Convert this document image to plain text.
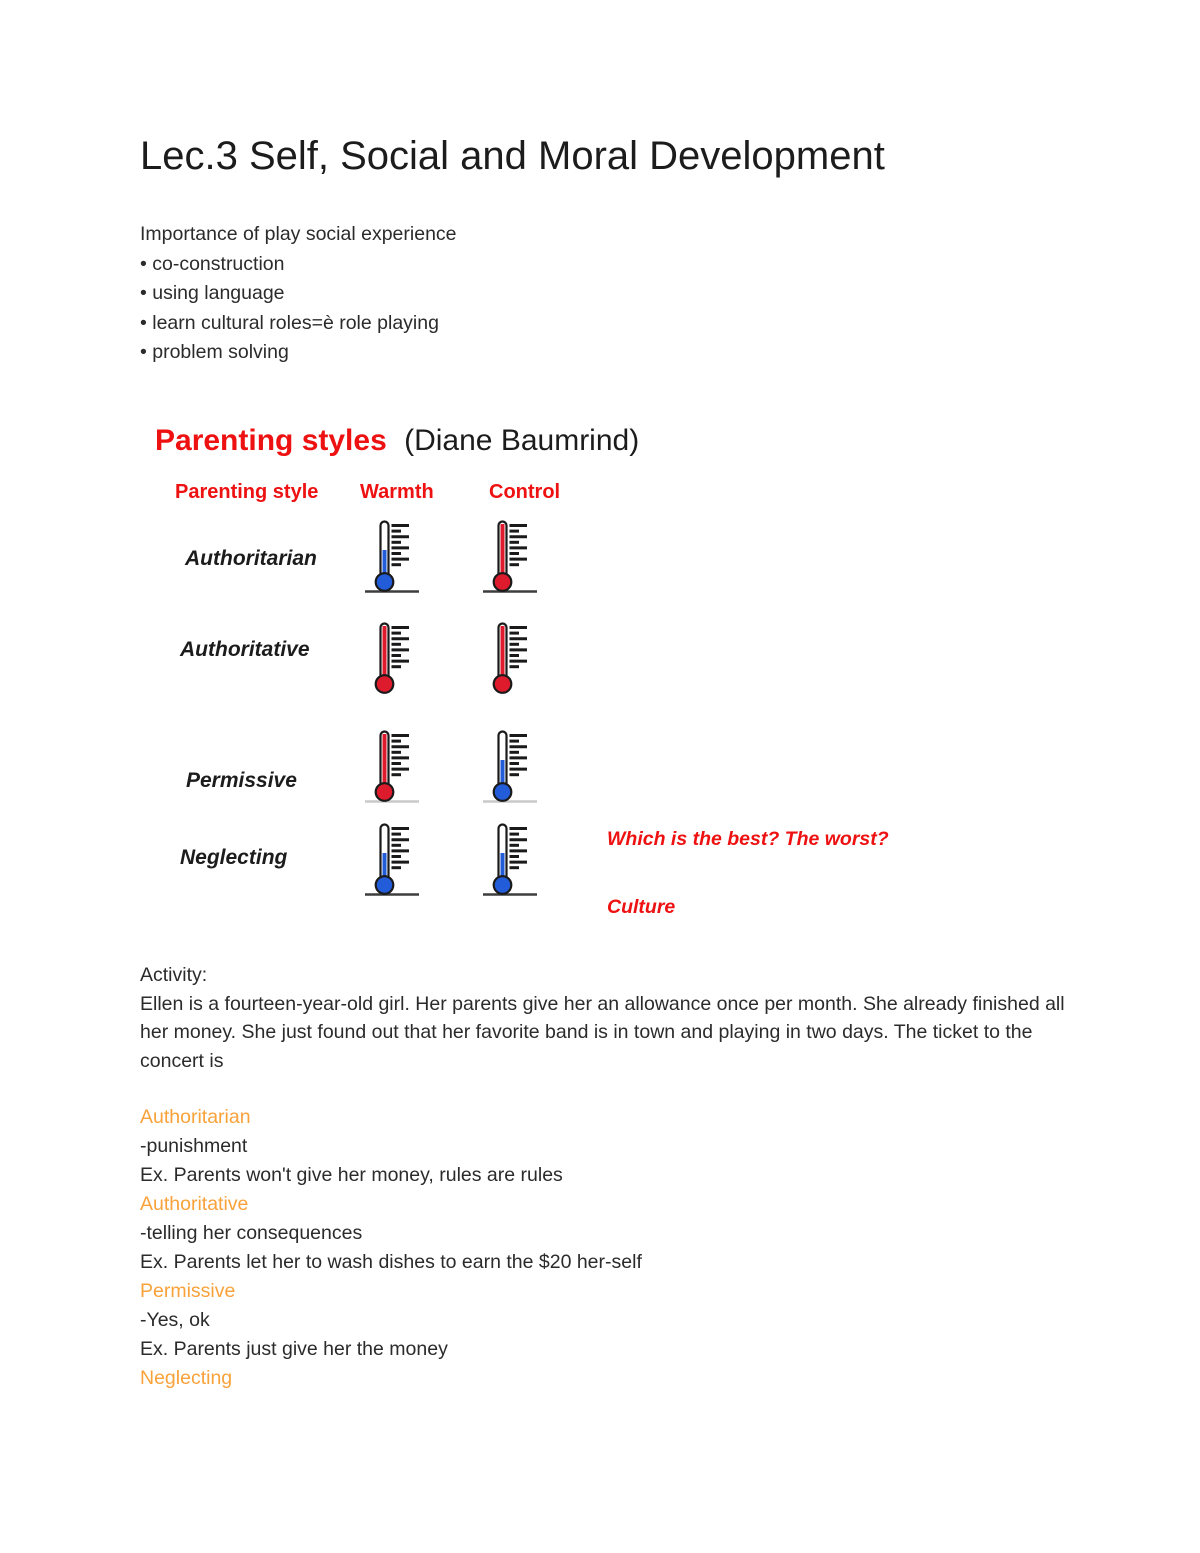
Lec.3 Self, Social and Moral Development
Importance of play social experience
• co-construction
• using language
• learn cultural roles=è role playing
• problem solving
Parenting styles (Diane Baumrind)
Parenting style Warmth	Control
Authoritarian
Authoritative
Permissive
Neglecting
Which is the best? The worst?
Culture
Activity:
Ellen is a fourteen-year-old girl. Her parents give her an allowance once per month. She already finished all her money. She just found out that her favorite band is in town and playing in two days. The ticket to the concert is
Authoritarian
-punishment
Ex. Parents won't give her money, rules are rules
Authoritative
-telling her consequences
Ex. Parents let her to wash dishes to earn the $20 her-self
Permissive
-Yes, ok
Ex. Parents just give her the money
Neglecting
